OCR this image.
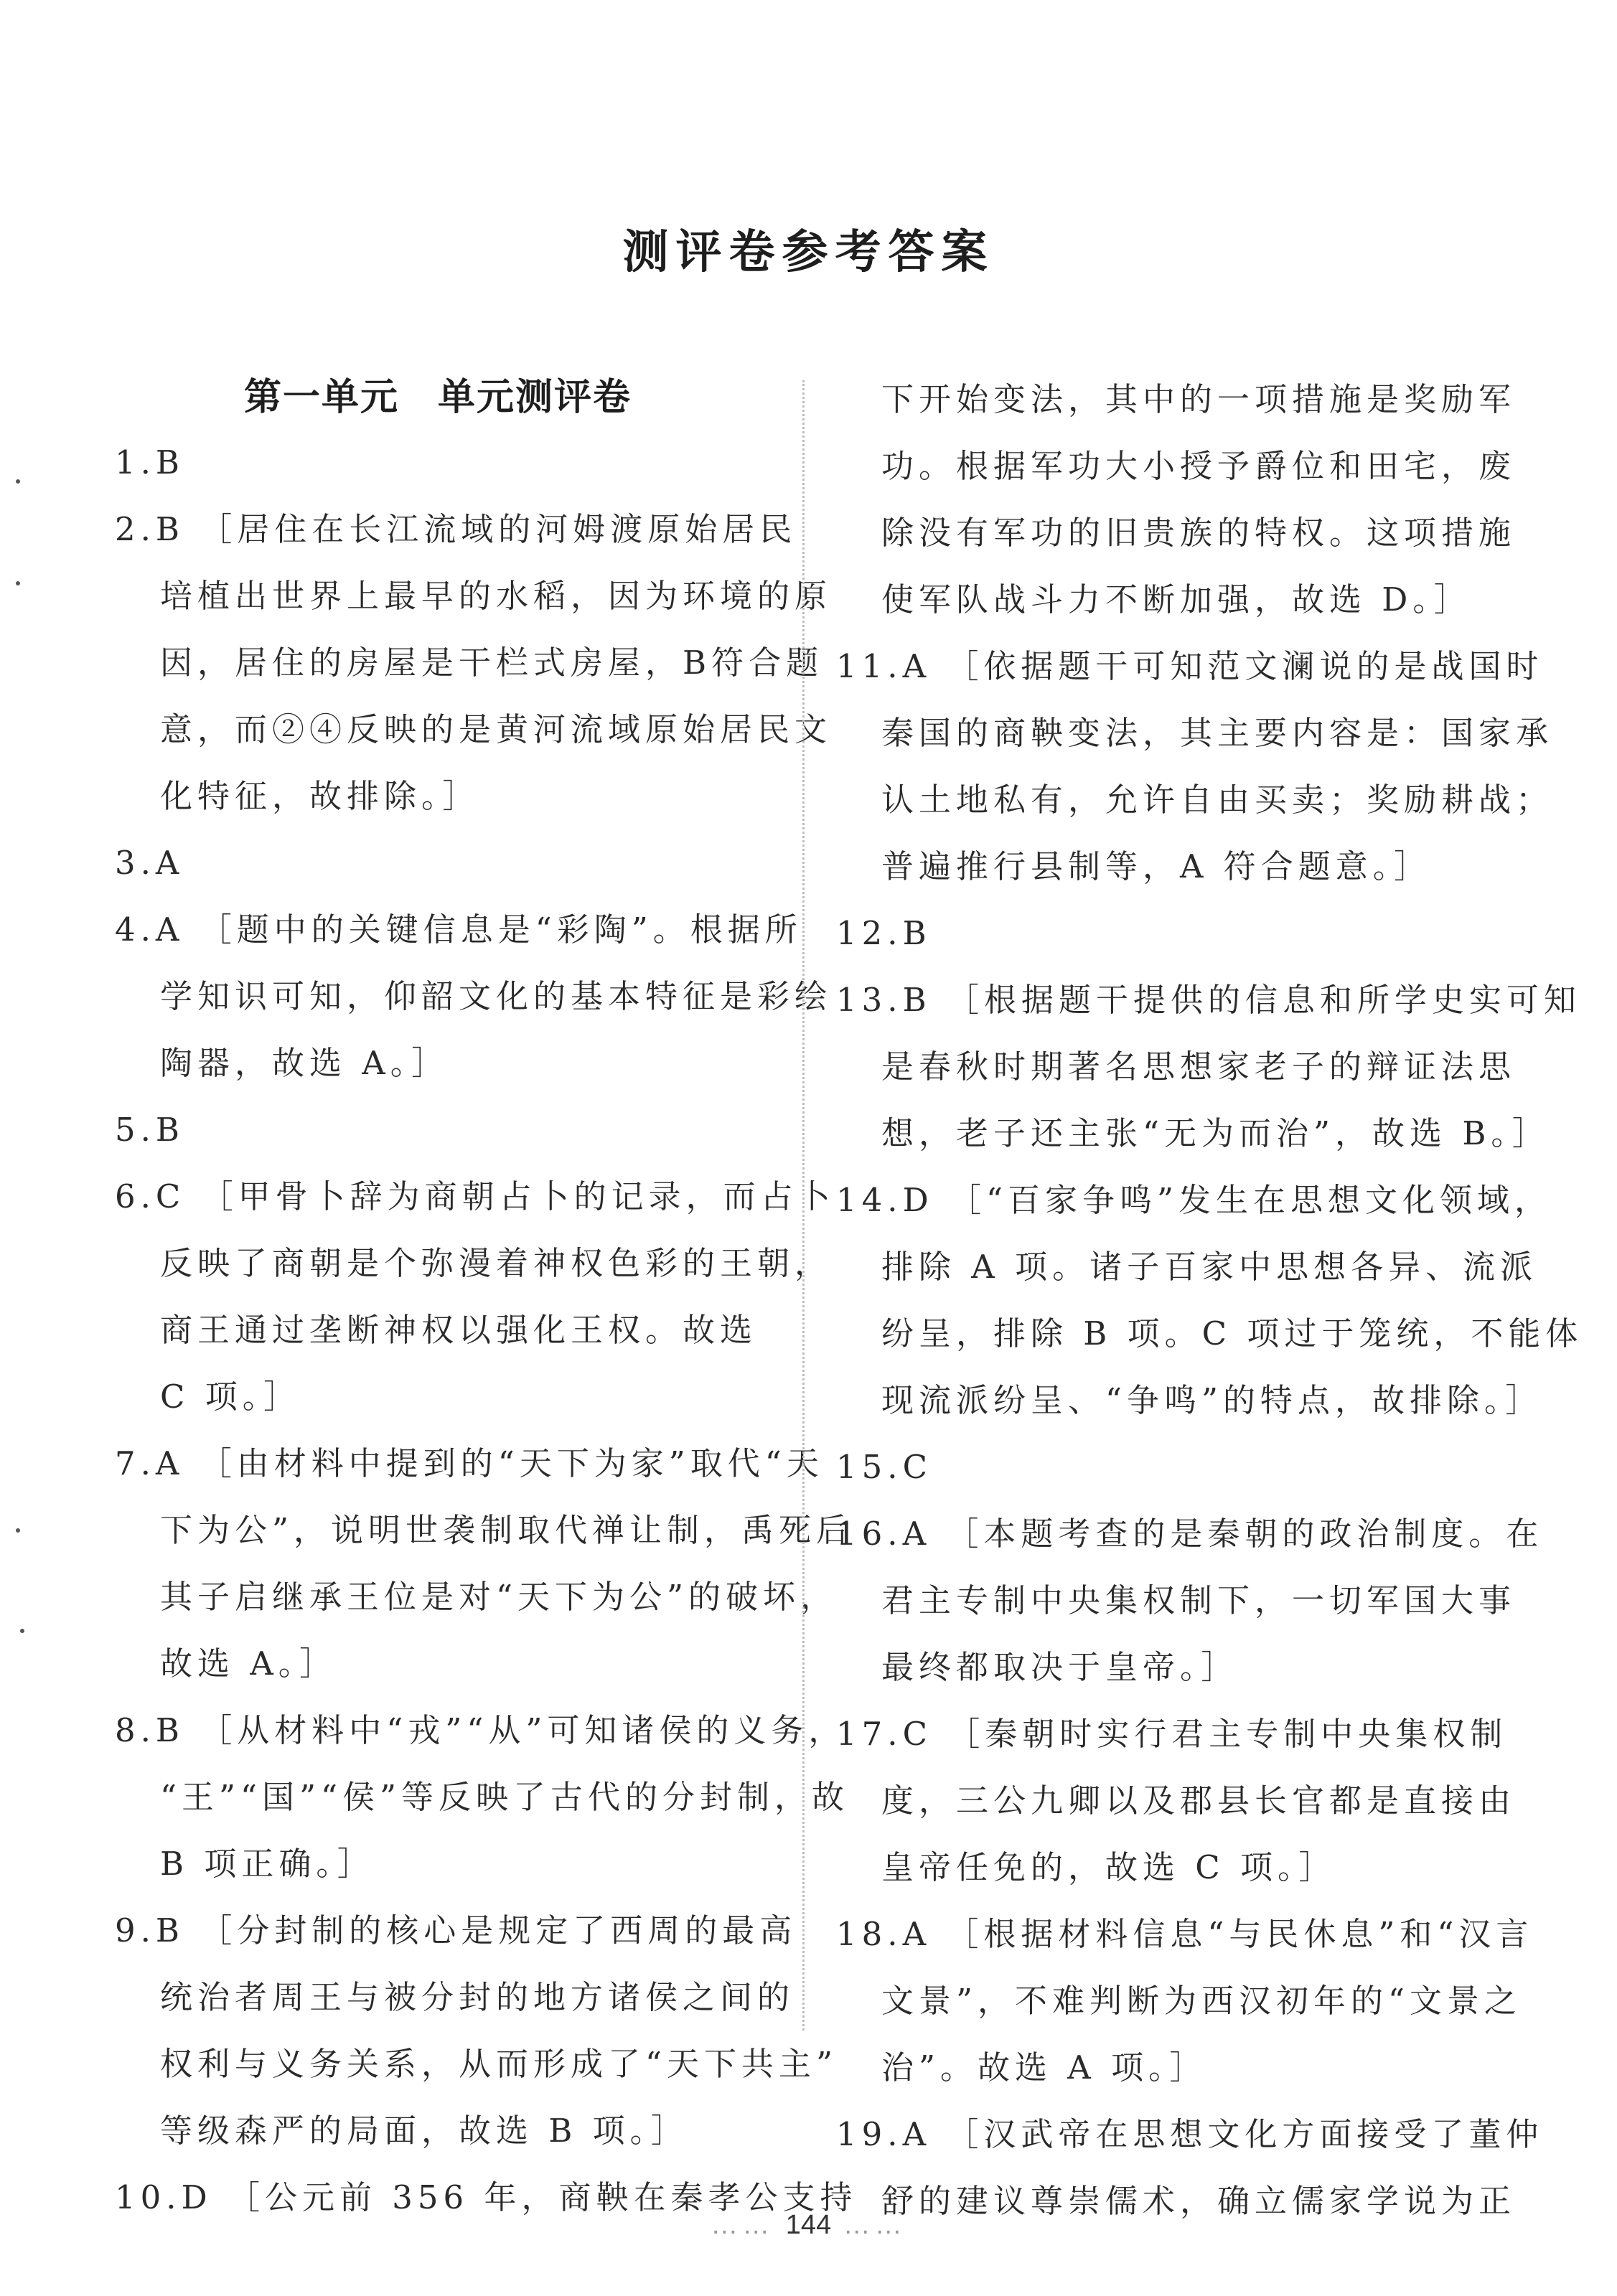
测评卷参考答案
第一单元　单元测评卷
1.B
2.B ［居住在长江流域的河姆渡原始居民
培植出世界上最早的水稻，因为环境的原
因，居住的房屋是干栏式房屋，B符合题
意，而②④反映的是黄河流域原始居民文
化特征，故排除。］
3.A
4.A ［题中的关键信息是“彩陶”。根据所
学知识可知，仰韶文化的基本特征是彩绘
陶器，故选 A。］
5.B
6.C ［甲骨卜辞为商朝占卜的记录，而占卜
反映了商朝是个弥漫着神权色彩的王朝，
商王通过垄断神权以强化王权。故选
C 项。］
7.A ［由材料中提到的“天下为家”取代“天
下为公”，说明世袭制取代禅让制，禹死后
其子启继承王位是对“天下为公”的破坏，
故选 A。］
8.B ［从材料中“戎”“从”可知诸侯的义务，
“王”“国”“侯”等反映了古代的分封制，故
B 项正确。］
9.B ［分封制的核心是规定了西周的最高
统治者周王与被分封的地方诸侯之间的
权利与义务关系，从而形成了“天下共主”
等级森严的局面，故选 B 项。］
10.D ［公元前 356 年，商鞅在秦孝公支持
下开始变法，其中的一项措施是奖励军
功。根据军功大小授予爵位和田宅，废
除没有军功的旧贵族的特权。这项措施
使军队战斗力不断加强，故选 D。］
11.A ［依据题干可知范文澜说的是战国时
秦国的商鞅变法，其主要内容是：国家承
认土地私有，允许自由买卖；奖励耕战；
普遍推行县制等，A 符合题意。］
12.B
13.B ［根据题干提供的信息和所学史实可知
是春秋时期著名思想家老子的辩证法思
想，老子还主张“无为而治”，故选 B。］
14.D ［“百家争鸣”发生在思想文化领域，
排除 A 项。诸子百家中思想各异、流派
纷呈，排除 B 项。C 项过于笼统，不能体
现流派纷呈、“争鸣”的特点，故排除。］
15.C
16.A ［本题考查的是秦朝的政治制度。在
君主专制中央集权制下，一切军国大事
最终都取决于皇帝。］
17.C ［秦朝时实行君主专制中央集权制
度，三公九卿以及郡县长官都是直接由
皇帝任免的，故选 C 项。］
18.A ［根据材料信息“与民休息”和“汉言
文景”，不难判断为西汉初年的“文景之
治”。故选 A 项。］
19.A ［汉武帝在思想文化方面接受了董仲
舒的建议尊崇儒术，确立儒家学说为正
…… 144 ……
